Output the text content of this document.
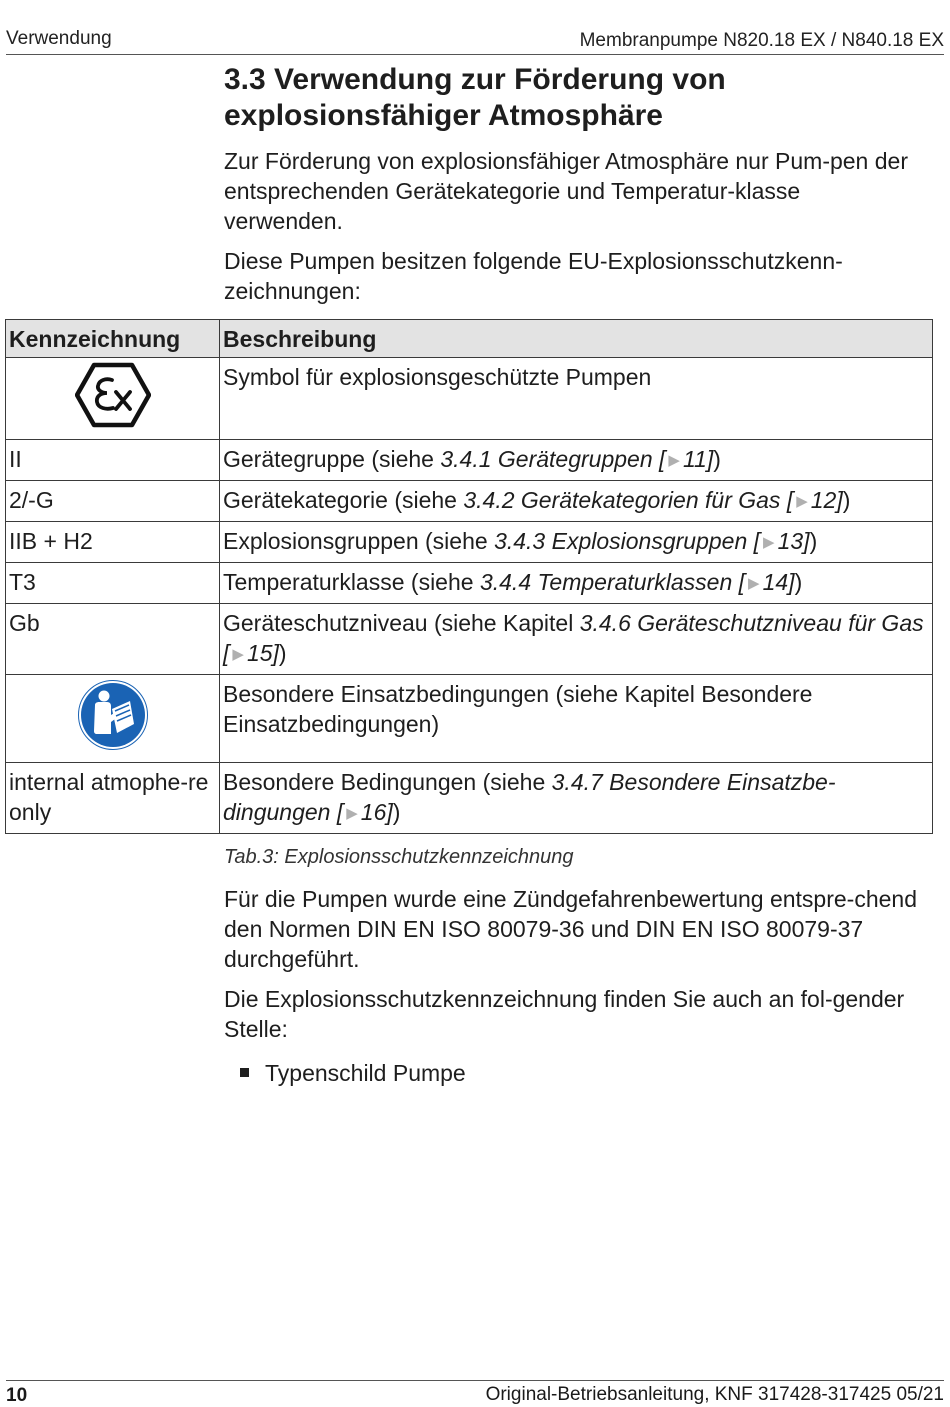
Verwendung	Membranpumpe N820.18 EX / N840.18 EX
3.3 Verwendung zur Förderung von explosionsfähiger Atmosphäre

Zur Förderung von explosionsfähiger Atmosphäre nur Pum-pen der entsprechenden Gerätekategorie und Temperatur-klasse verwenden.

Diese Pumpen besitzen folgende EU-Explosionsschutzkenn-zeichnungen:

Kennzeichnung	Beschreibung
	Symbol für explosionsgeschützte Pumpen
II	Gerätegruppe (siehe 3.4.1 Gerätegruppen [ ▶ 11])
2/-G	Gerätekategorie (siehe 3.4.2 Gerätekategorien für Gas [ ▶ 12])
IIB + H2	Explosionsgruppen (siehe 3.4.3 Explosionsgruppen [ ▶ 13])
T3	Temperaturklasse (siehe 3.4.4 Temperaturklassen [ ▶ 14])
Gb	Geräteschutzniveau (siehe Kapitel 3.4.6 Geräteschutzniveau für Gas [ ▶ 15])
	Besondere Einsatzbedingungen (siehe Kapitel Besondere Einsatzbedingungen)
internal atmophe-re only	Besondere Bedingungen (siehe 3.4.7 Besondere Einsatzbe-dingungen [ ▶ 16])

Tab.3: Explosionsschutzkennzeichnung

Für die Pumpen wurde eine Zündgefahrenbewertung entspre-chend den Normen DIN EN ISO 80079-36 und DIN EN ISO 80079-37 durchgeführt.

Die Explosionsschutzkennzeichnung finden Sie auch an fol-gender Stelle:

Typenschild Pumpe
10	Original-Betriebsanleitung, KNF 317428-317425 05/21
